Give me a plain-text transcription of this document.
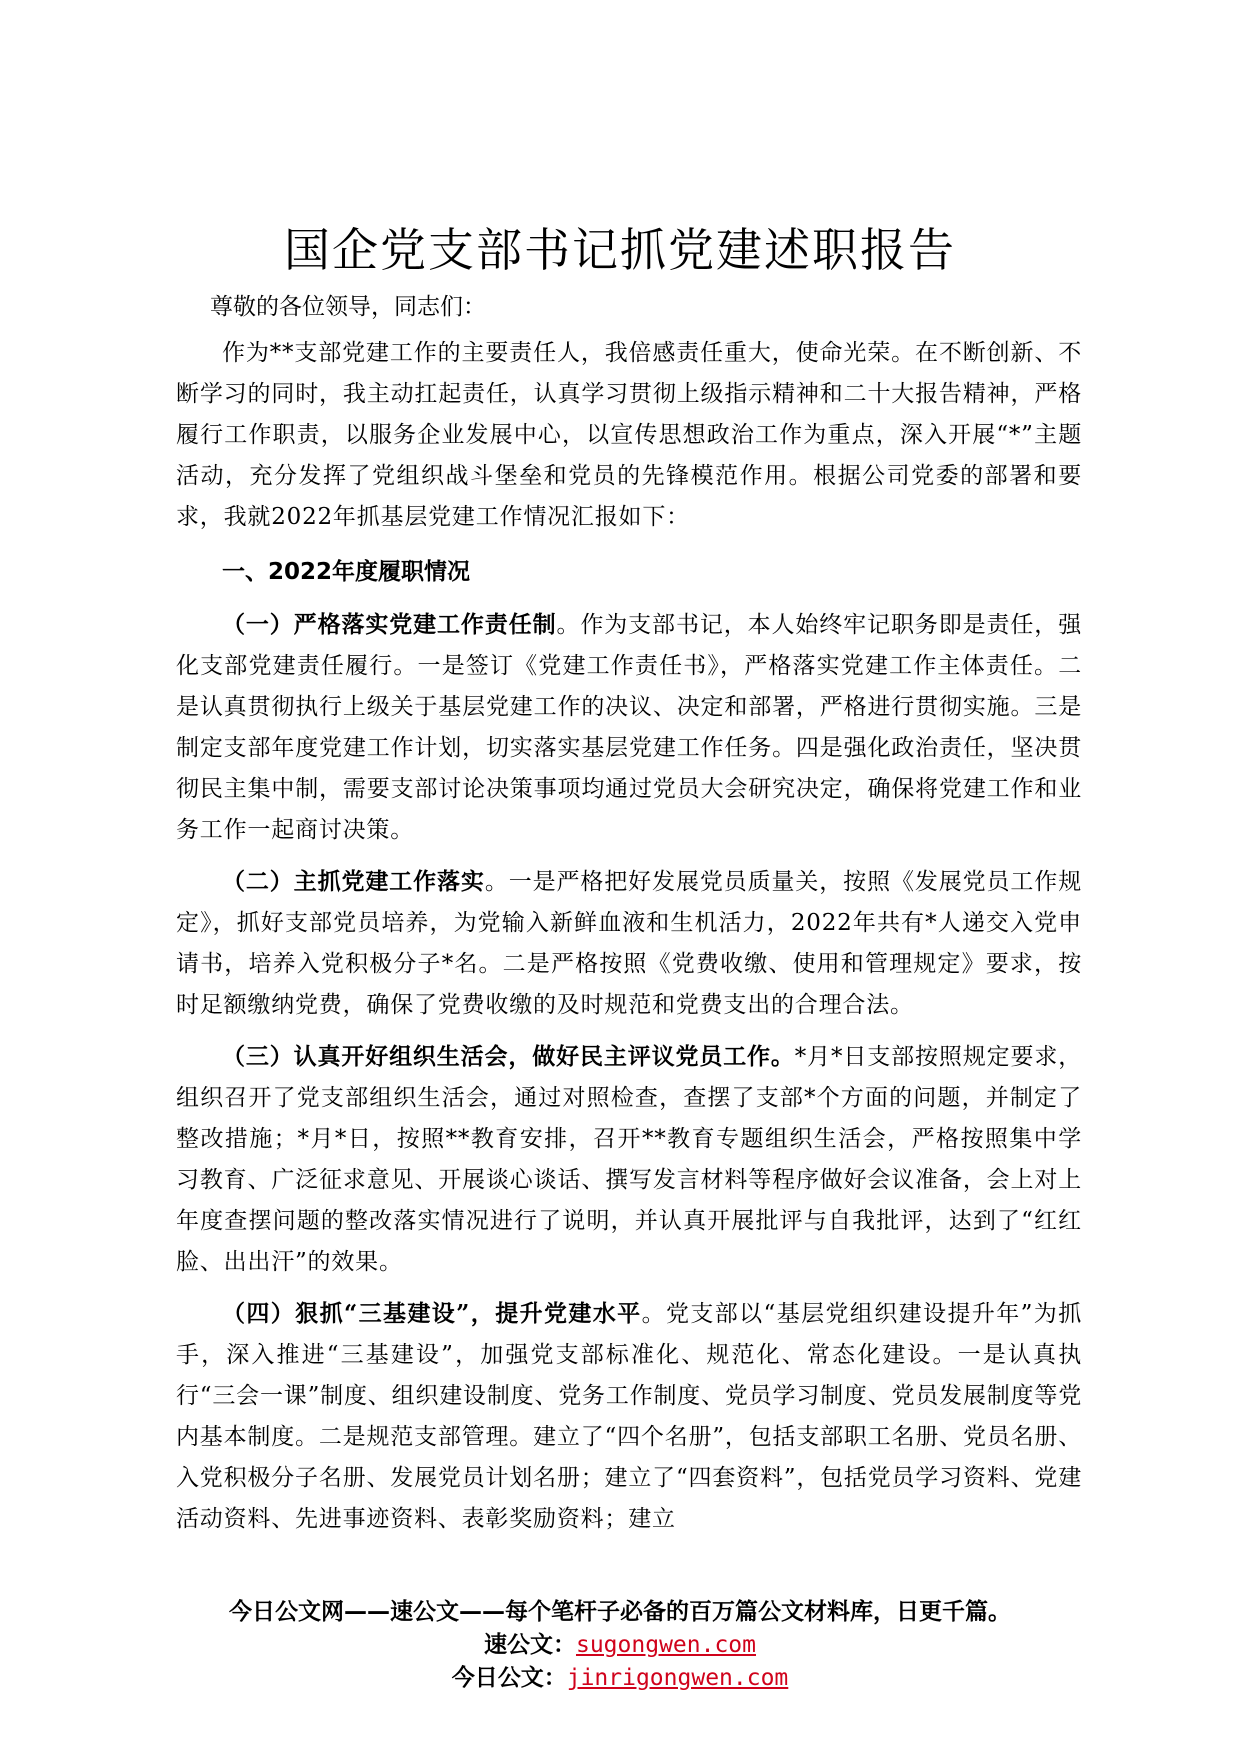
国企党支部书记抓党建述职报告

尊敬的各位领导，同志们：

作为**支部党建工作的主要责任人，我倍感责任重大，使命光荣。在不断创新、不断学习的同时，我主动扛起责任，认真学习贯彻上级指示精神和二十大报告精神，严格履行工作职责，以服务企业发展中心，以宣传思想政治工作为重点，深入开展“*”主题活动，充分发挥了党组织战斗堡垒和党员的先锋模范作用。根据公司党委的部署和要求，我就2022年抓基层党建工作情况汇报如下：

一、2022年度履职情况

（一）严格落实党建工作责任制。作为支部书记，本人始终牢记职务即是责任，强化支部党建责任履行。一是签订《党建工作责任书》，严格落实党建工作主体责任。二是认真贯彻执行上级关于基层党建工作的决议、决定和部署，严格进行贯彻实施。三是制定支部年度党建工作计划，切实落实基层党建工作任务。四是强化政治责任，坚决贯彻民主集中制，需要支部讨论决策事项均通过党员大会研究决定，确保将党建工作和业务工作一起商讨决策。

（二）主抓党建工作落实。一是严格把好发展党员质量关，按照《发展党员工作规定》，抓好支部党员培养，为党输入新鲜血液和生机活力，2022年共有*人递交入党申请书，培养入党积极分子*名。二是严格按照《党费收缴、使用和管理规定》要求，按时足额缴纳党费，确保了党费收缴的及时规范和党费支出的合理合法。

（三）认真开好组织生活会，做好民主评议党员工作。*月*日支部按照规定要求，组织召开了党支部组织生活会，通过对照检查，查摆了支部*个方面的问题，并制定了整改措施；*月*日，按照**教育安排，召开**教育专题组织生活会，严格按照集中学习教育、广泛征求意见、开展谈心谈话、撰写发言材料等程序做好会议准备，会上对上年度查摆问题的整改落实情况进行了说明，并认真开展批评与自我批评，达到了“红红脸、出出汗”的效果。

（四）狠抓“三基建设”，提升党建水平。党支部以“基层党组织建设提升年”为抓手，深入推进“三基建设”，加强党支部标准化、规范化、常态化建设。一是认真执行“三会一课”制度、组织建设制度、党务工作制度、党员学习制度、党员发展制度等党内基本制度。二是规范支部管理。建立了“四个名册”，包括支部职工名册、党员名册、入党积极分子名册、发展党员计划名册；建立了“四套资料”，包括党员学习资料、党建活动资料、先进事迹资料、表彰奖励资料；建立

今日公文网——速公文——每个笔杆子必备的百万篇公文材料库，日更千篇。

速公文：sugongwen.com

今日公文：jinrigongwen.com
